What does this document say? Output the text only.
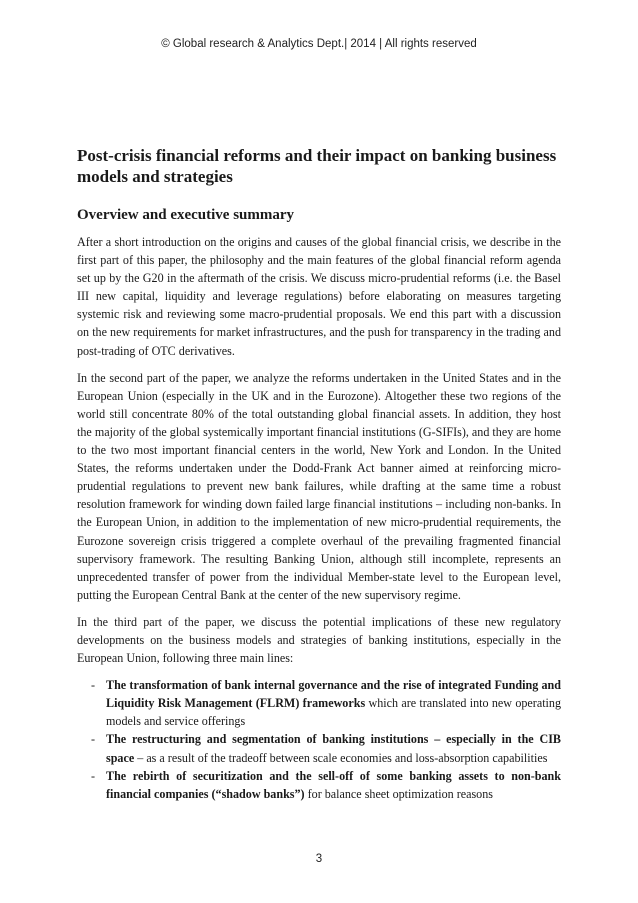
© Global research & Analytics Dept.| 2014 | All rights reserved
Post-crisis financial reforms and their impact on banking business models and strategies
Overview and executive summary

After a short introduction on the origins and causes of the global financial crisis, we describe in the first part of this paper, the philosophy and the main features of the global financial reform agenda set up by the G20 in the aftermath of the crisis. We discuss micro-prudential reforms (i.e. the Basel III new capital, liquidity and leverage regulations) before elaborating on measures targeting systemic risk and reviewing some macro-prudential proposals. We end this part with a discussion on the new requirements for market infrastructures, and the push for transparency in the trading and post-trading of OTC derivatives.

In the second part of the paper, we analyze the reforms undertaken in the United States and in the European Union (especially in the UK and in the Eurozone). Altogether these two regions of the world still concentrate 80% of the total outstanding global financial assets. In addition, they host the majority of the global systemically important financial institutions (G-SIFIs), and they are home to the two most important financial centers in the world, New York and London. In the United States, the reforms undertaken under the Dodd-Frank Act banner aimed at reinforcing micro-prudential regulations to prevent new bank failures, while drafting at the same time a robust resolution framework for winding down failed large financial institutions – including non-banks. In the European Union, in addition to the implementation of new micro-prudential requirements, the Eurozone sovereign crisis triggered a complete overhaul of the prevailing fragmented financial supervisory framework. The resulting Banking Union, although still incomplete, represents an unprecedented transfer of power from the individual Member-state level to the European level, putting the European Central Bank at the center of the new supervisory regime.

In the third part of the paper, we discuss the potential implications of these new regulatory developments on the business models and strategies of banking institutions, especially in the European Union, following three main lines:

- The transformation of bank internal governance and the rise of integrated Funding and Liquidity Risk Management (FLRM) frameworks which are translated into new operating models and service offerings
- The restructuring and segmentation of banking institutions – especially in the CIB space – as a result of the tradeoff between scale economies and loss-absorption capabilities
- The rebirth of securitization and the sell-off of some banking assets to non-bank financial companies (“shadow banks”) for balance sheet optimization reasons
3
